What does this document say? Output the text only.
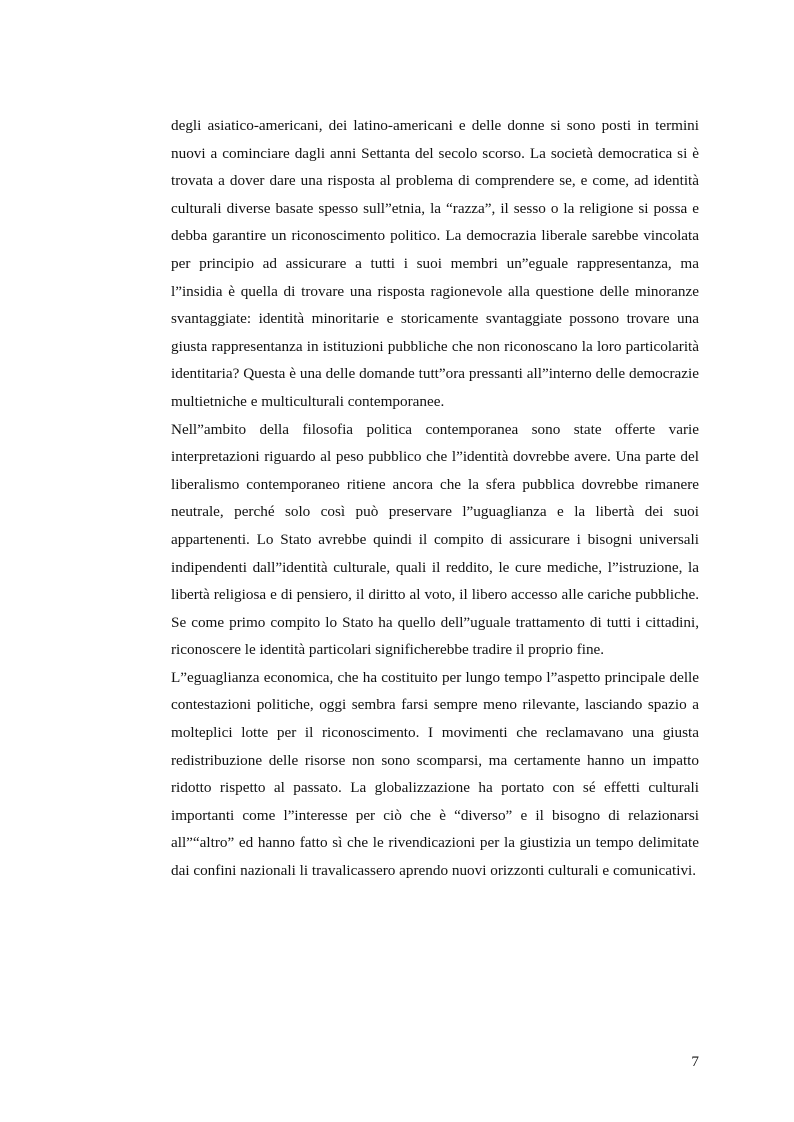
degli asiatico-americani, dei latino-americani e delle donne si sono posti in termini nuovi a cominciare dagli anni Settanta del secolo scorso. La società democratica si è trovata a dover dare una risposta al problema di comprendere se, e come, ad identità culturali diverse basate spesso sull”etnia, la “razza”, il sesso o la religione si possa e debba garantire un riconoscimento politico. La democrazia liberale sarebbe vincolata per principio ad assicurare a tutti i suoi membri un”eguale rappresentanza, ma l”insidia è quella di trovare una risposta ragionevole alla questione delle minoranze svantaggiate: identità minoritarie e storicamente svantaggiate possono trovare una giusta rappresentanza in istituzioni pubbliche che non riconoscano la loro particolarità identitaria? Questa è una delle domande tutt”ora pressanti all”interno delle democrazie multietniche e multiculturali contemporanee.

Nell”ambito della filosofia politica contemporanea sono state offerte varie interpretazioni riguardo al peso pubblico che l”identità dovrebbe avere. Una parte del liberalismo contemporaneo ritiene ancora che la sfera pubblica dovrebbe rimanere neutrale, perché solo così può preservare l”uguaglianza e la libertà dei suoi appartenenti. Lo Stato avrebbe quindi il compito di assicurare i bisogni universali indipendenti dall”identità culturale, quali il reddito, le cure mediche, l”istruzione, la libertà religiosa e di pensiero, il diritto al voto, il libero accesso alle cariche pubbliche. Se come primo compito lo Stato ha quello dell”uguale trattamento di tutti i cittadini, riconoscere le identità particolari significherebbe tradire il proprio fine.

L”eguaglianza economica, che ha costituito per lungo tempo l”aspetto principale delle contestazioni politiche, oggi sembra farsi sempre meno rilevante, lasciando spazio a molteplici lotte per il riconoscimento. I movimenti che reclamavano una giusta redistribuzione delle risorse non sono scomparsi, ma certamente hanno un impatto ridotto rispetto al passato. La globalizzazione ha portato con sé effetti culturali importanti come l”interesse per ciò che è “diverso” e il bisogno di relazionarsi all”“altro” ed hanno fatto sì che le rivendicazioni per la giustizia un tempo delimitate dai confini nazionali li travalicassero aprendo nuovi orizzonti culturali e comunicativi.

7
